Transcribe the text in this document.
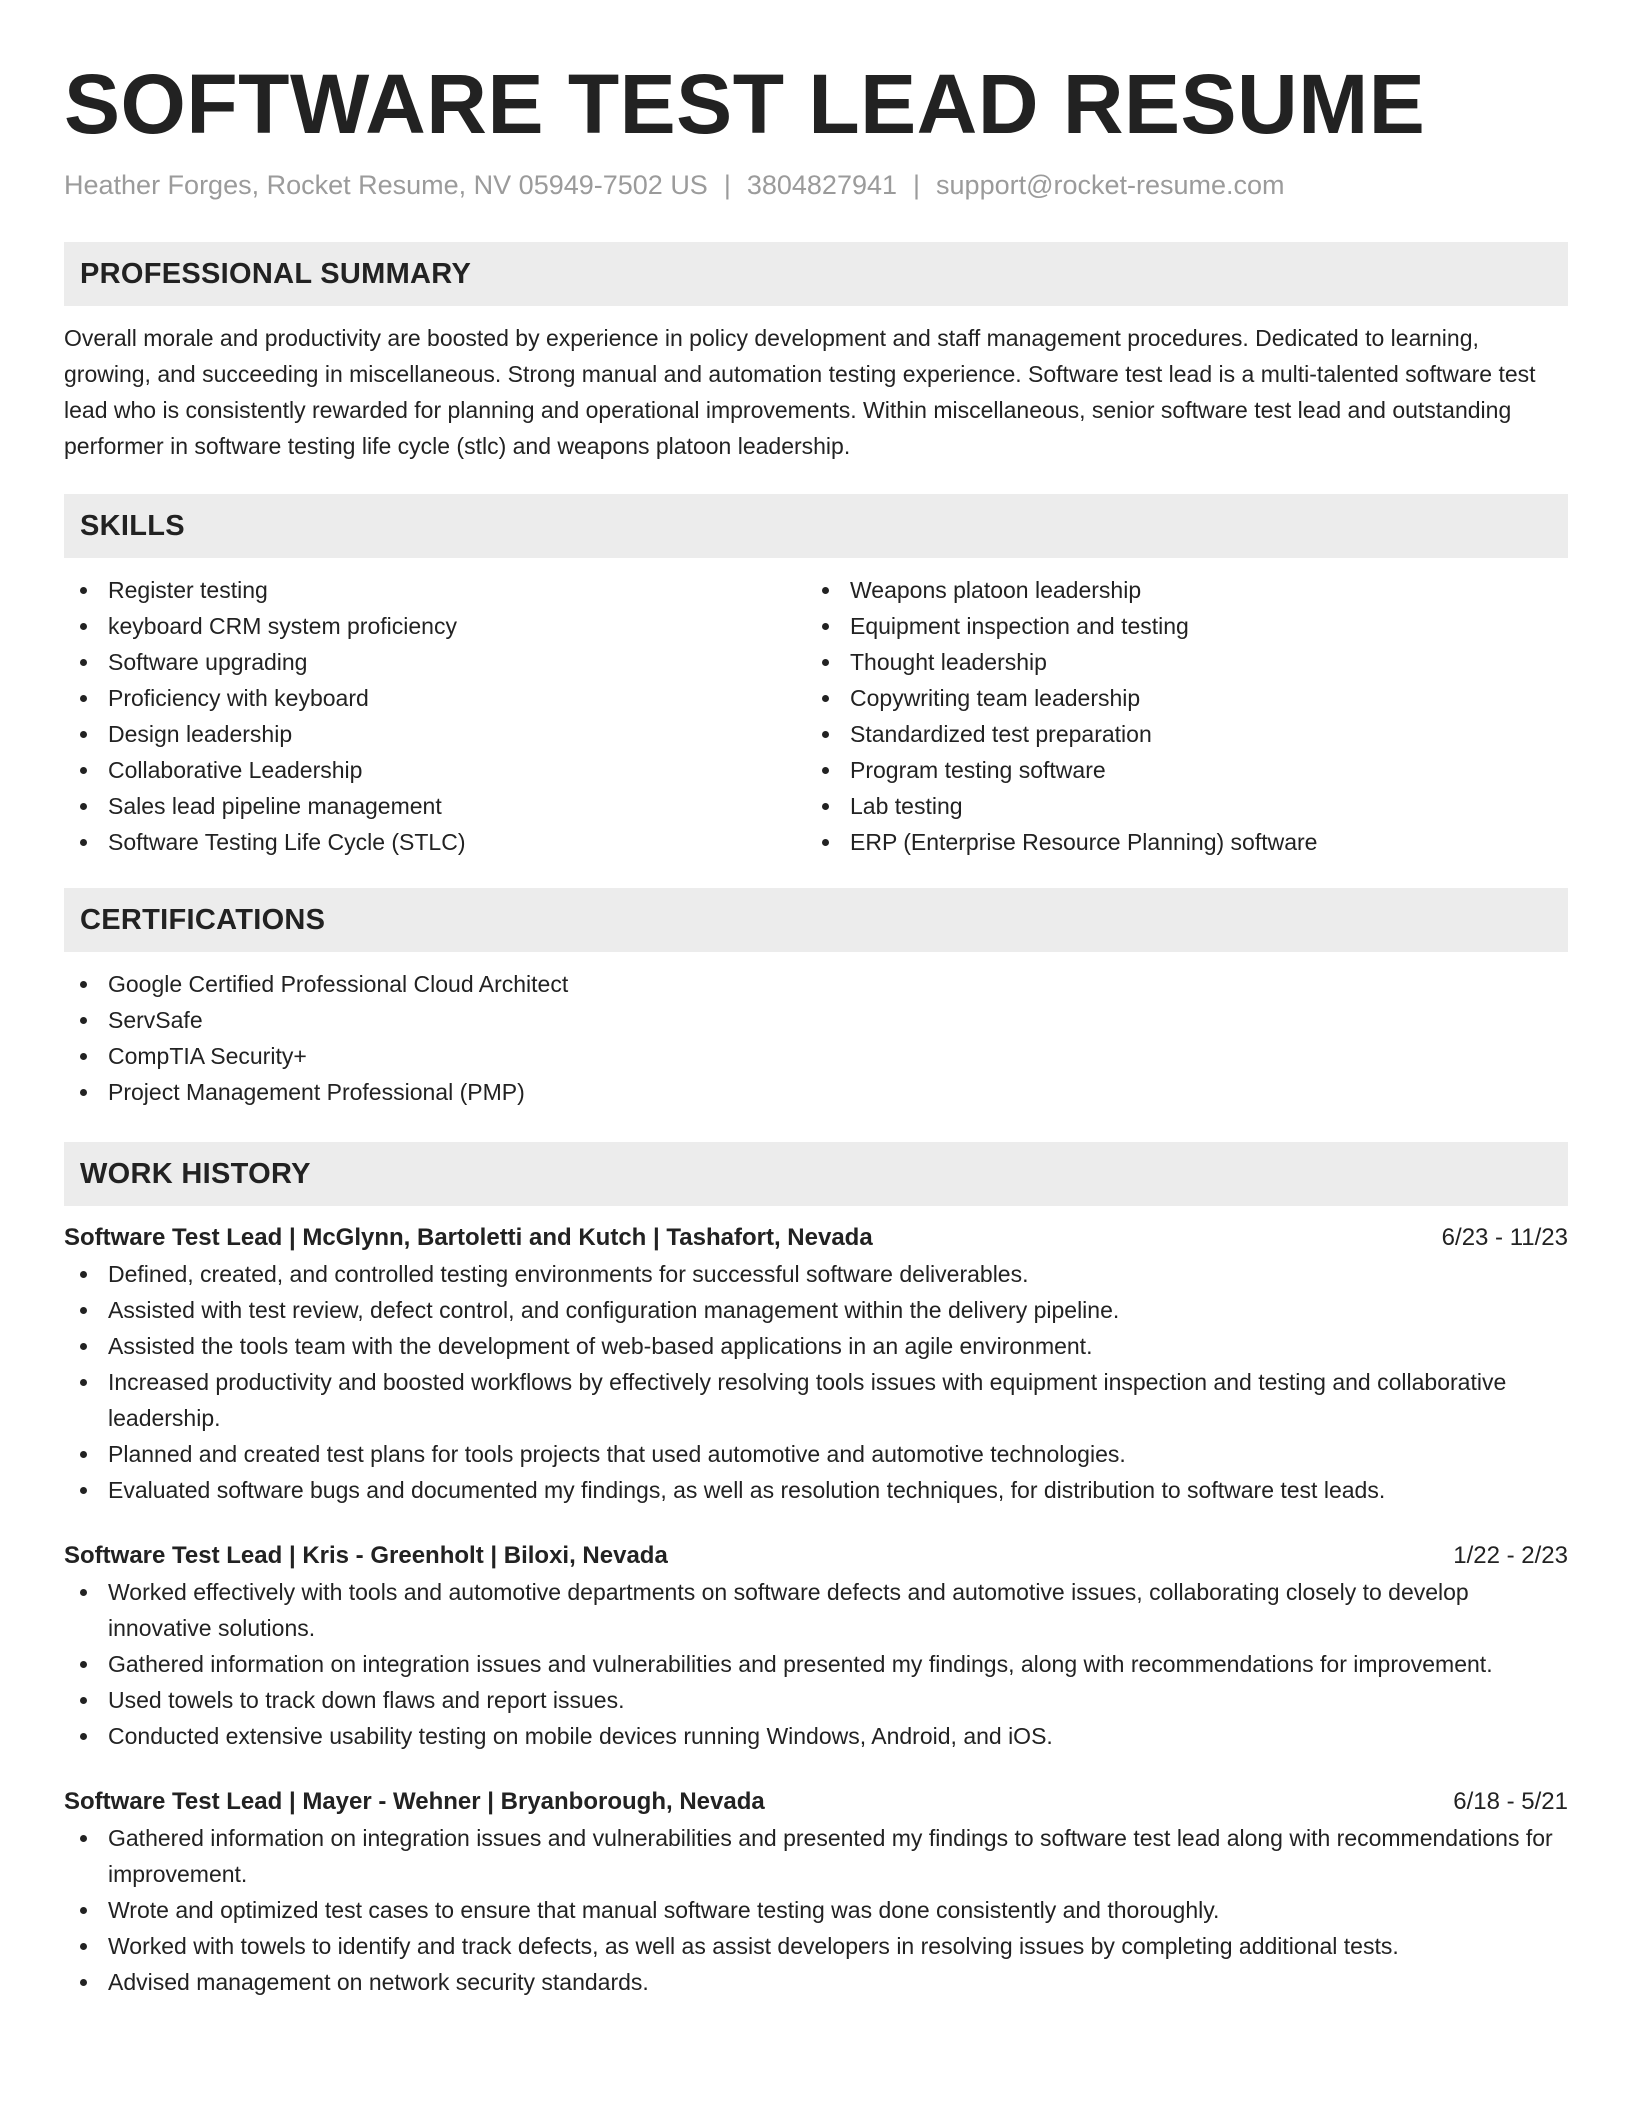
SOFTWARE TEST LEAD RESUME
Heather Forges, Rocket Resume, NV 05949-7502 US | 3804827941 | support@rocket-resume.com
PROFESSIONAL SUMMARY
Overall morale and productivity are boosted by experience in policy development and staff management procedures. Dedicated to learning, growing, and succeeding in miscellaneous. Strong manual and automation testing experience. Software test lead is a multi-talented software test lead who is consistently rewarded for planning and operational improvements. Within miscellaneous, senior software test lead and outstanding performer in software testing life cycle (stlc) and weapons platoon leadership.
SKILLS
Register testing
keyboard CRM system proficiency
Software upgrading
Proficiency with keyboard
Design leadership
Collaborative Leadership
Sales lead pipeline management
Software Testing Life Cycle (STLC)
Weapons platoon leadership
Equipment inspection and testing
Thought leadership
Copywriting team leadership
Standardized test preparation
Program testing software
Lab testing
ERP (Enterprise Resource Planning) software
CERTIFICATIONS
Google Certified Professional Cloud Architect
ServSafe
CompTIA Security+
Project Management Professional (PMP)
WORK HISTORY
Software Test Lead | McGlynn, Bartoletti and Kutch | Tashafort, Nevada	6/23 - 11/23
Defined, created, and controlled testing environments for successful software deliverables.
Assisted with test review, defect control, and configuration management within the delivery pipeline.
Assisted the tools team with the development of web-based applications in an agile environment.
Increased productivity and boosted workflows by effectively resolving tools issues with equipment inspection and testing and collaborative leadership.
Planned and created test plans for tools projects that used automotive and automotive technologies.
Evaluated software bugs and documented my findings, as well as resolution techniques, for distribution to software test leads.
Software Test Lead | Kris - Greenholt | Biloxi, Nevada	1/22 - 2/23
Worked effectively with tools and automotive departments on software defects and automotive issues, collaborating closely to develop innovative solutions.
Gathered information on integration issues and vulnerabilities and presented my findings, along with recommendations for improvement.
Used towels to track down flaws and report issues.
Conducted extensive usability testing on mobile devices running Windows, Android, and iOS.
Software Test Lead | Mayer - Wehner | Bryanborough, Nevada	6/18 - 5/21
Gathered information on integration issues and vulnerabilities and presented my findings to software test lead along with recommendations for improvement.
Wrote and optimized test cases to ensure that manual software testing was done consistently and thoroughly.
Worked with towels to identify and track defects, as well as assist developers in resolving issues by completing additional tests.
Advised management on network security standards.
